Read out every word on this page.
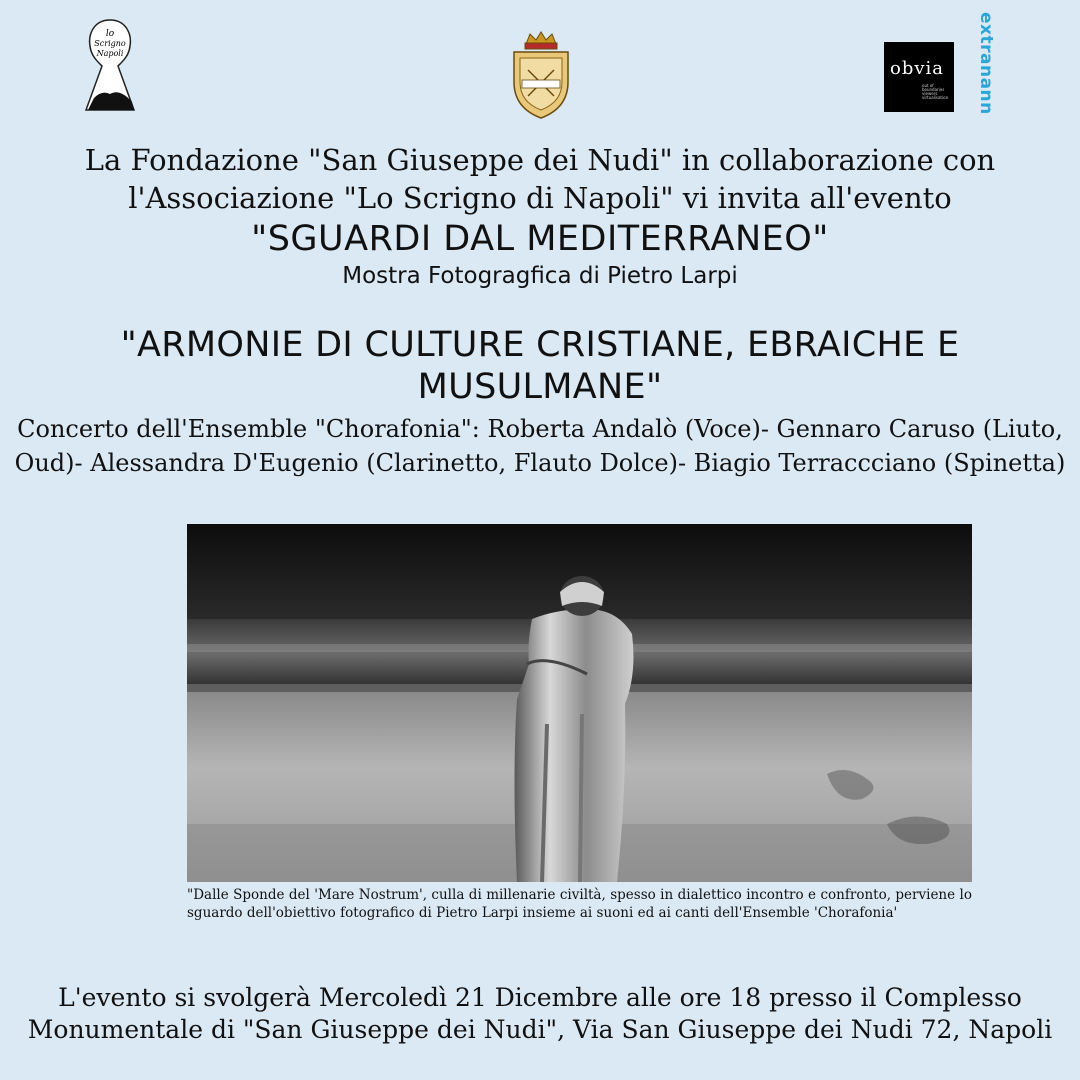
lo
Scrigno
Napoli
obvia
out of boundaries viewers virtualisation	extranann

La Fondazione "San Giuseppe dei Nudi" in collaborazione con

l'Associazione "Lo Scrigno di Napoli" vi invita all'evento

"SGUARDI DAL MEDITERRANEO"

Mostra Fotogragfica di Pietro Larpi

"ARMONIE DI CULTURE CRISTIANE, EBRAICHE E MUSULMANE"

Concerto dell'Ensemble "Chorafonia": Roberta Andalò (Voce)- Gennaro Caruso (Liuto, Oud)- Alessandra D'Eugenio (Clarinetto, Flauto Dolce)- Biagio Terraccciano (Spinetta)

"Dalle Sponde del 'Mare Nostrum', culla di millenarie civiltà, spesso in dialettico incontro e confronto, perviene lo sguardo dell'obiettivo fotografico di Pietro Larpi insieme ai suoni ed ai canti dell'Ensemble 'Chorafonia'

L'evento si svolgerà Mercoledì 21 Dicembre alle ore 18 presso il Complesso Monumentale di "San Giuseppe dei Nudi", Via San Giuseppe dei Nudi 72, Napoli
